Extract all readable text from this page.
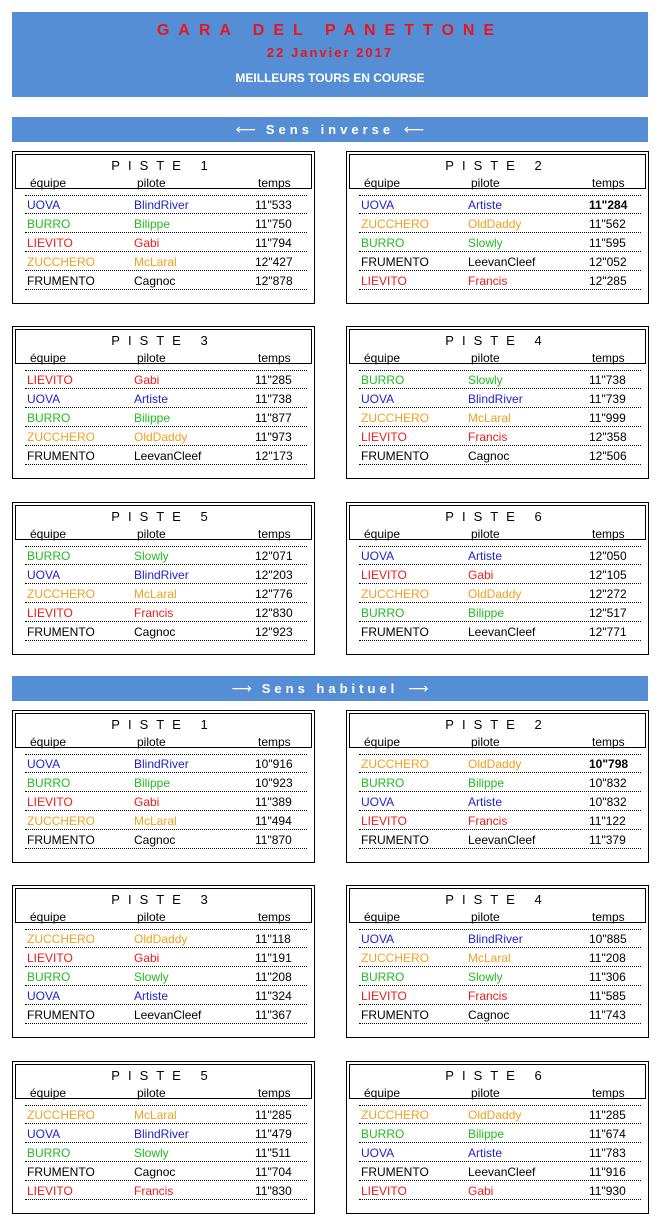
GARA DEL PANETTONE
22 Janvier 2017
MEILLEURS TOURS EN COURSE
⟵ Sens inverse ⟵
PISTE 1
équipe	pilote	temps
UOVA	BlindRiver	11"533
BURRO	Bilippe	11"750
LIEVITO	Gabi	11"794
ZUCCHERO	McLaral	12"427
FRUMENTO	Cagnoc	12"878
PISTE 2
équipe	pilote	temps
UOVA	Artiste	11"284
ZUCCHERO	OldDaddy	11"562
BURRO	Slowly	11"595
FRUMENTO	LeevanCleef	12"052
LIEVITO	Francis	12"285
PISTE 3
équipe	pilote	temps
LIEVITO	Gabi	11"285
UOVA	Artiste	11"738
BURRO	Bilippe	11"877
ZUCCHERO	OldDaddy	11"973
FRUMENTO	LeevanCleef	12"173
PISTE 4
équipe	pilote	temps
BURRO	Slowly	11"738
UOVA	BlindRiver	11"739
ZUCCHERO	McLaral	11"999
LIEVITO	Francis	12"358
FRUMENTO	Cagnoc	12"506
PISTE 5
équipe	pilote	temps
BURRO	Slowly	12"071
UOVA	BlindRiver	12"203
ZUCCHERO	McLaral	12"776
LIEVITO	Francis	12"830
FRUMENTO	Cagnoc	12"923
PISTE 6
équipe	pilote	temps
UOVA	Artiste	12"050
LIEVITO	Gabi	12"105
ZUCCHERO	OldDaddy	12"272
BURRO	Bilippe	12"517
FRUMENTO	LeevanCleef	12"771
⟶ Sens habituel ⟶
PISTE 1
équipe	pilote	temps
UOVA	BlindRiver	10"916
BURRO	Bilippe	10"923
LIEVITO	Gabi	11"389
ZUCCHERO	McLaral	11"494
FRUMENTO	Cagnoc	11"870
PISTE 2
équipe	pilote	temps
ZUCCHERO	OldDaddy	10"798
BURRO	Bilippe	10"832
UOVA	Artiste	10"832
LIEVITO	Francis	11"122
FRUMENTO	LeevanCleef	11"379
PISTE 3
équipe	pilote	temps
ZUCCHERO	OldDaddy	11"118
LIEVITO	Gabi	11"191
BURRO	Slowly	11"208
UOVA	Artiste	11"324
FRUMENTO	LeevanCleef	11"367
PISTE 4
équipe	pilote	temps
UOVA	BlindRiver	10"885
ZUCCHERO	McLaral	11"208
BURRO	Slowly	11"306
LIEVITO	Francis	11"585
FRUMENTO	Cagnoc	11"743
PISTE 5
équipe	pilote	temps
ZUCCHERO	McLaral	11"285
UOVA	BlindRiver	11"479
BURRO	Slowly	11"511
FRUMENTO	Cagnoc	11"704
LIEVITO	Francis	11"830
PISTE 6
équipe	pilote	temps
ZUCCHERO	OldDaddy	11"285
BURRO	Bilippe	11"674
UOVA	Artiste	11"783
FRUMENTO	LeevanCleef	11"916
LIEVITO	Gabi	11"930
